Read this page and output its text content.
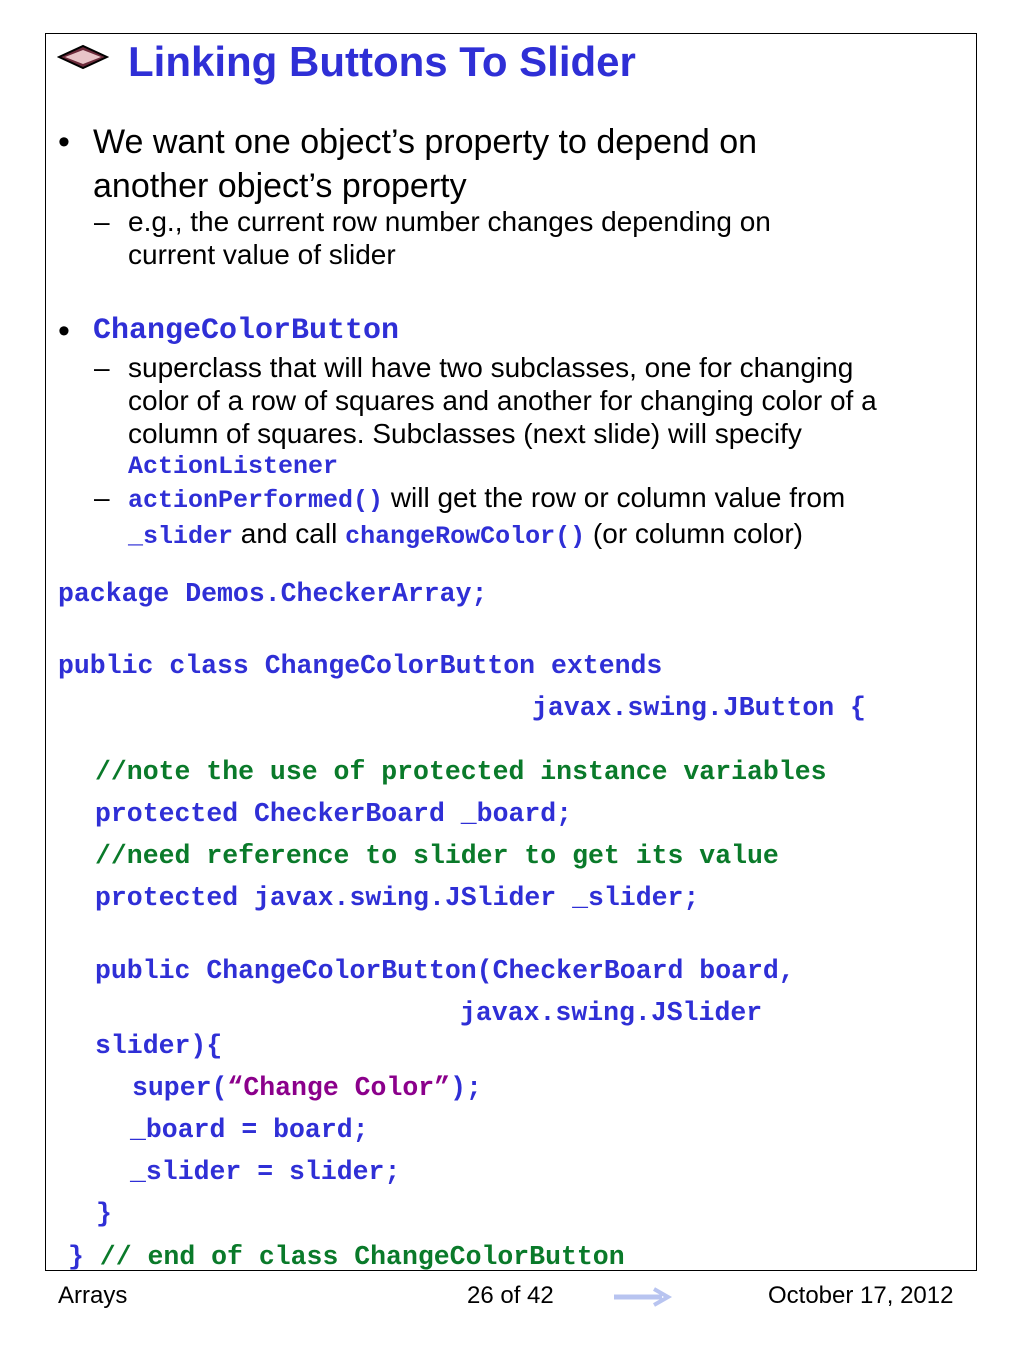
Linking Buttons To Slider
• We want one object’s property to depend on
another object’s property
– e.g., the current row number changes depending on
current value of slider
• ChangeColorButton
– superclass that will have two subclasses, one for changing
color of a row of squares and another for changing color of a
column of squares. Subclasses (next slide) will specify
ActionListener
– actionPerformed() will get the row or column value from
_slider and call changeRowColor() (or column color)
package Demos.CheckerArray;
public class ChangeColorButton extends
javax.swing.JButton {
//note the use of protected instance variables
protected CheckerBoard _board;
//need reference to slider to get its value
protected javax.swing.JSlider _slider;
public ChangeColorButton(CheckerBoard board,
javax.swing.JSlider
slider){
super(“Change Color”);
_board = board;
_slider = slider;
}
} // end of class ChangeColorButton
Arrays	26 of 42	October 17, 2012
